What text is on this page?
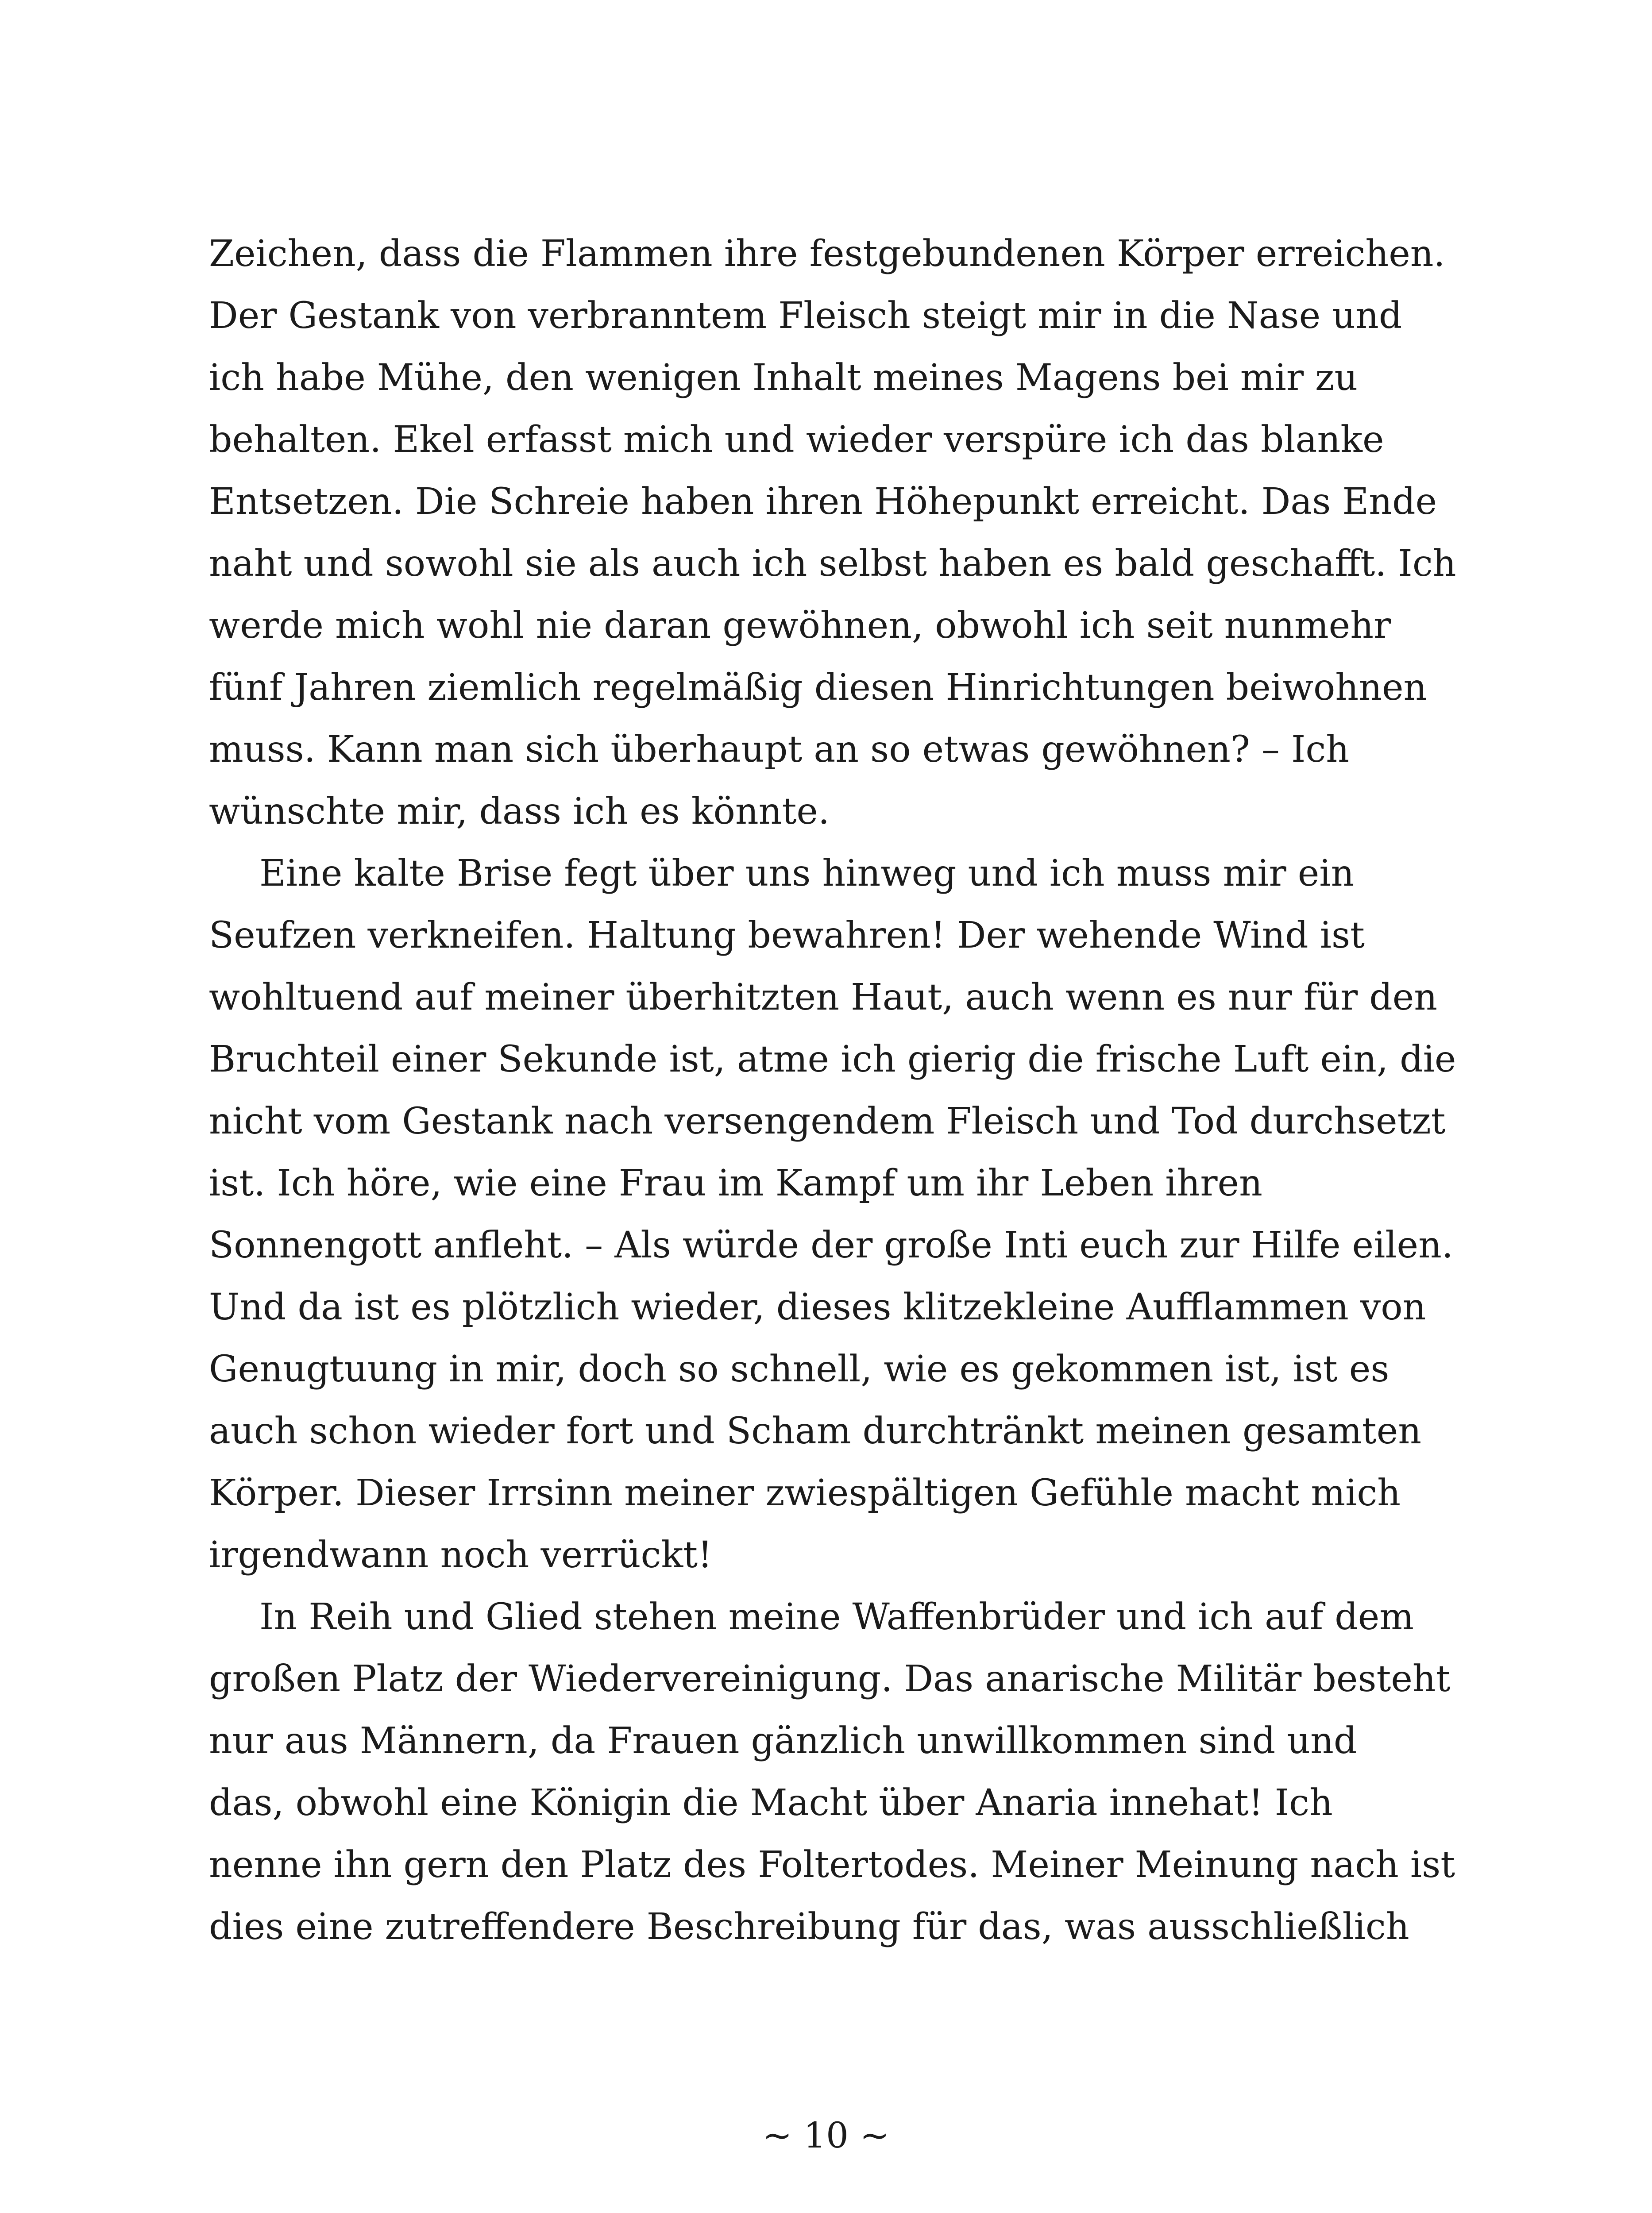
Zeichen, dass die Flammen ihre festgebundenen Körper erreichen.
Der Gestank von verbranntem Fleisch steigt mir in die Nase und
ich habe Mühe, den wenigen Inhalt meines Magens bei mir zu
behalten. Ekel erfasst mich und wieder verspüre ich das blanke
Entsetzen. Die Schreie haben ihren Höhepunkt erreicht. Das Ende
naht und sowohl sie als auch ich selbst haben es bald geschafft. Ich
werde mich wohl nie daran gewöhnen, obwohl ich seit nunmehr
fünf Jahren ziemlich regelmäßig diesen Hinrichtungen beiwohnen
muss. Kann man sich überhaupt an so etwas gewöhnen? – Ich
wünschte mir, dass ich es könnte.
Eine kalte Brise fegt über uns hinweg und ich muss mir ein
Seufzen verkneifen. Haltung bewahren! Der wehende Wind ist
wohltuend auf meiner überhitzten Haut, auch wenn es nur für den
Bruchteil einer Sekunde ist, atme ich gierig die frische Luft ein, die
nicht vom Gestank nach versengendem Fleisch und Tod durchsetzt
ist. Ich höre, wie eine Frau im Kampf um ihr Leben ihren
Sonnengott anfleht. – Als würde der große Inti euch zur Hilfe eilen.
Und da ist es plötzlich wieder, dieses klitzekleine Aufflammen von
Genugtuung in mir, doch so schnell, wie es gekommen ist, ist es
auch schon wieder fort und Scham durchtränkt meinen gesamten
Körper. Dieser Irrsinn meiner zwiespältigen Gefühle macht mich
irgendwann noch verrückt!
In Reih und Glied stehen meine Waffenbrüder und ich auf dem
großen Platz der Wiedervereinigung. Das anarische Militär besteht
nur aus Männern, da Frauen gänzlich unwillkommen sind und
das, obwohl eine Königin die Macht über Anaria innehat! Ich
nenne ihn gern den Platz des Foltertodes. Meiner Meinung nach ist
dies eine zutreffendere Beschreibung für das, was ausschließlich
~ 10 ~
